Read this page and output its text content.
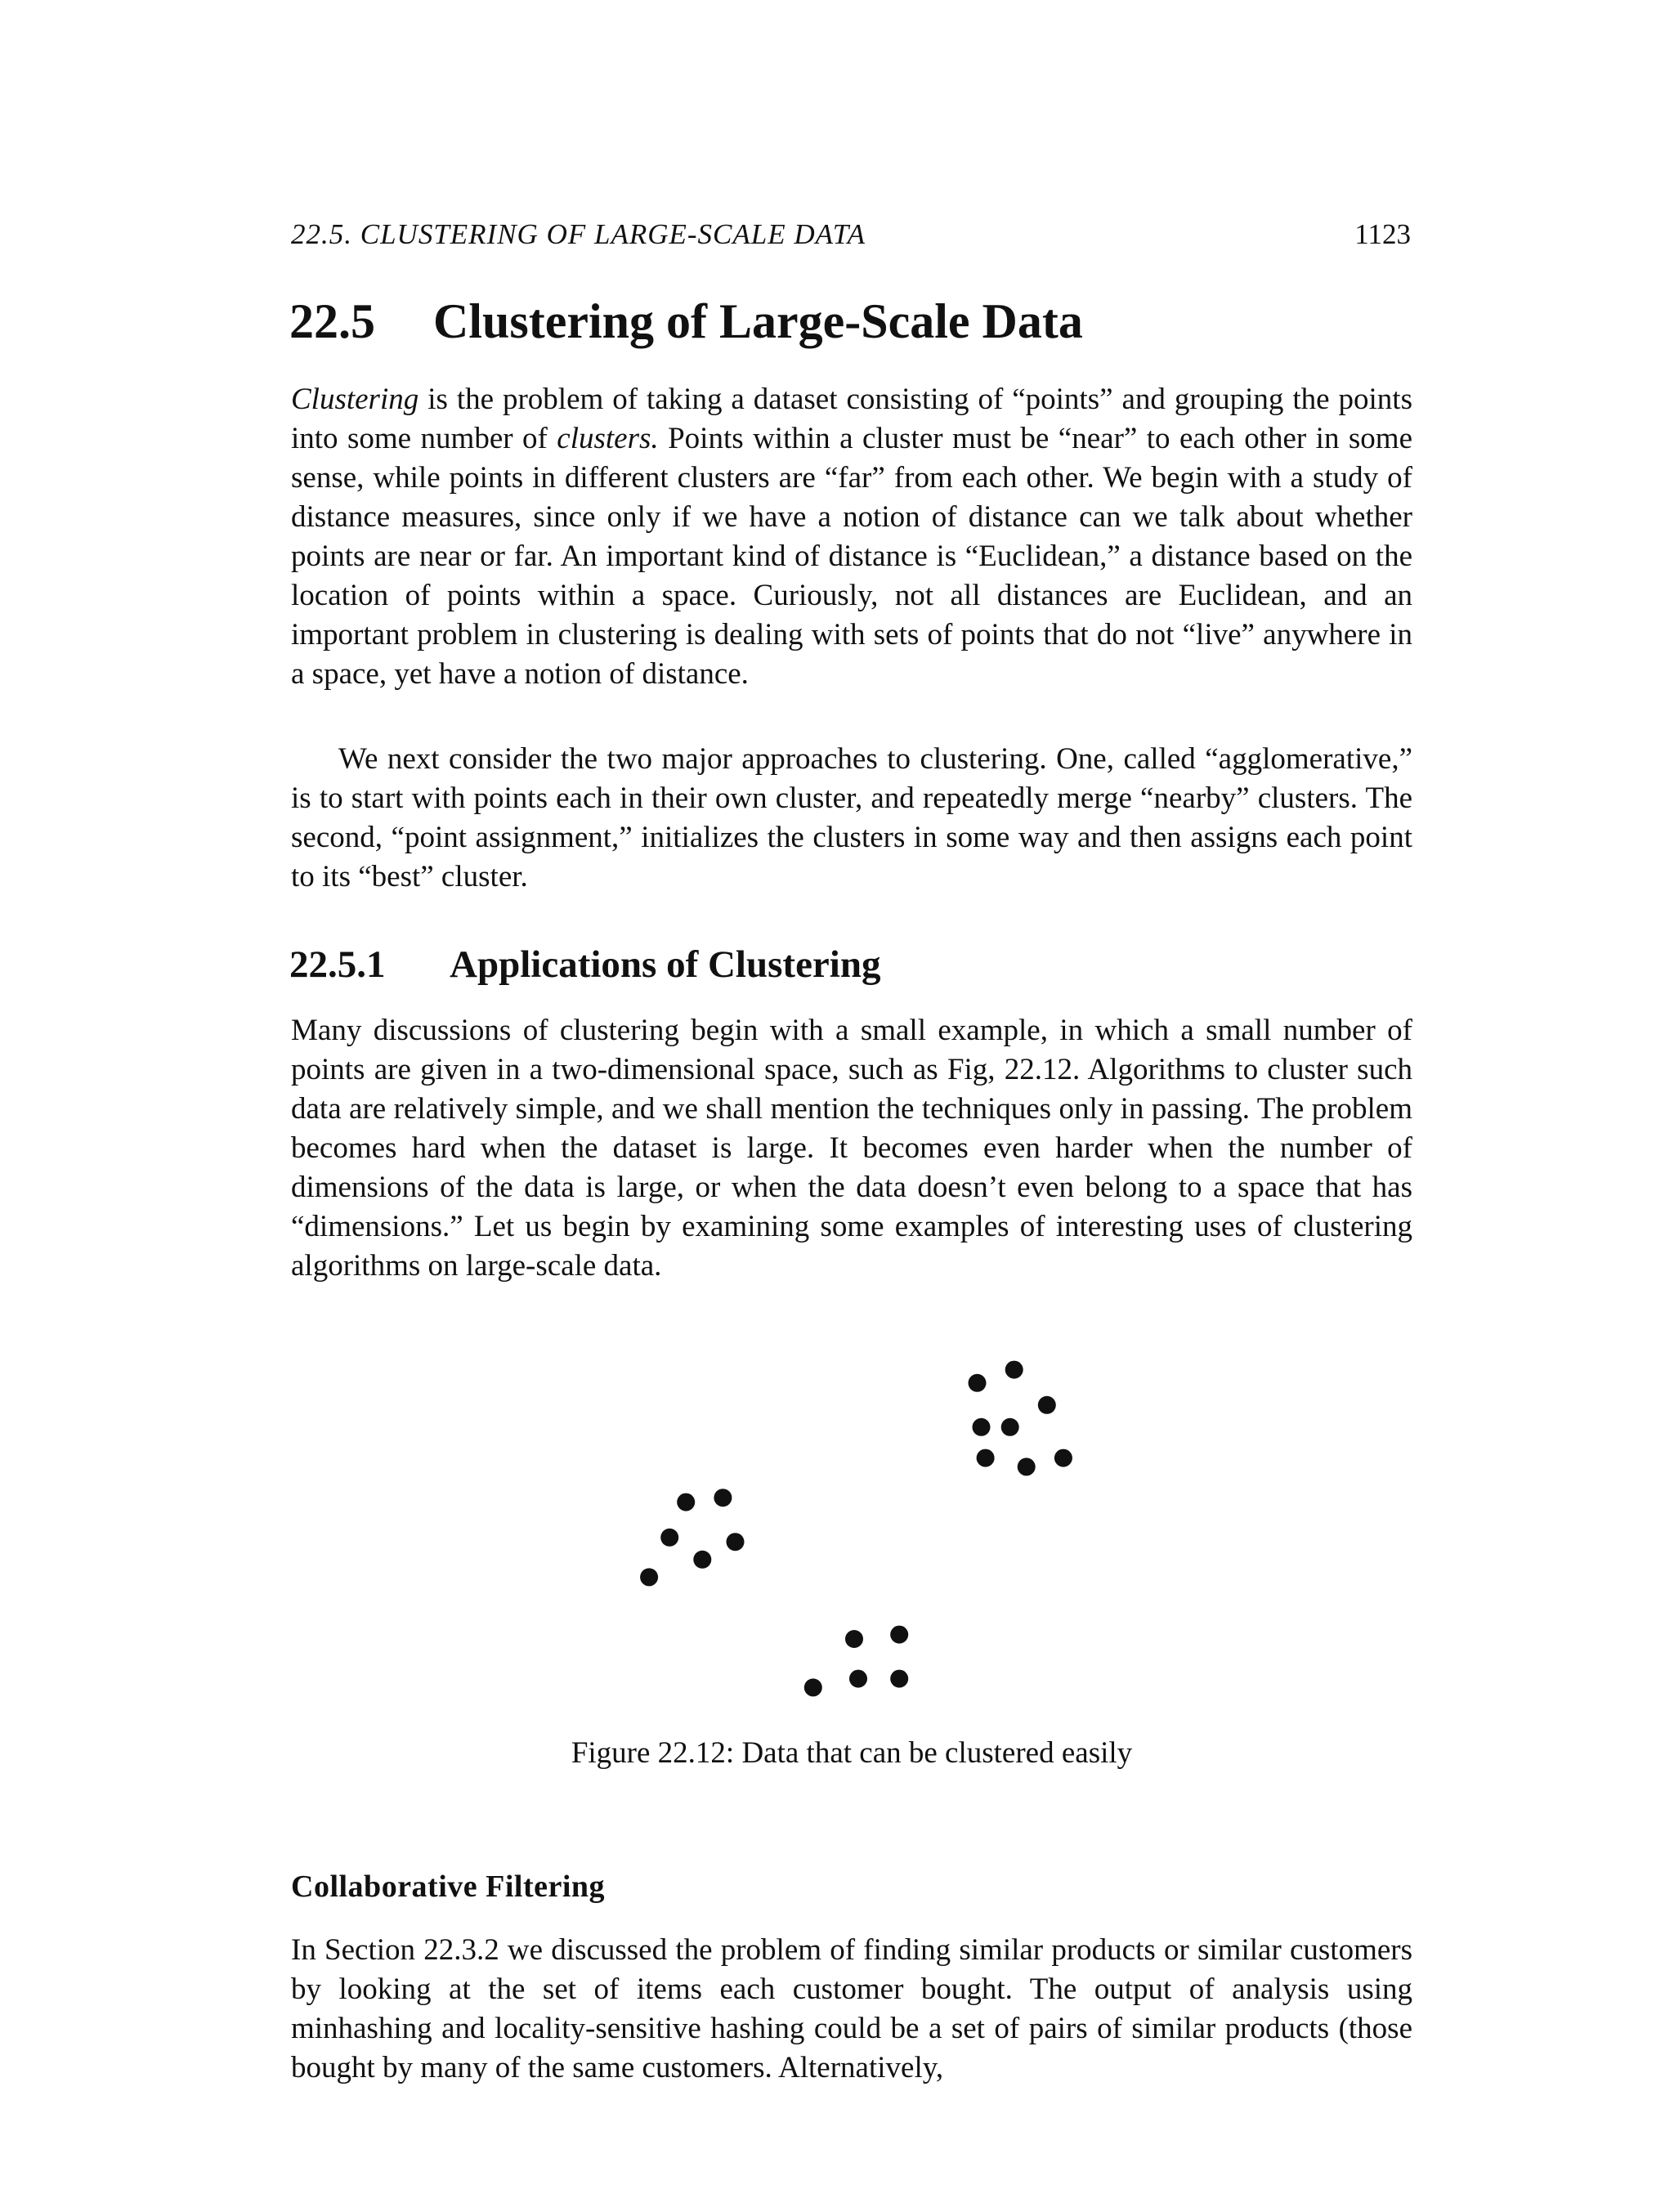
22.5. CLUSTERING OF LARGE-SCALE DATA	1123
22.5 Clustering of Large-Scale Data

Clustering is the problem of taking a dataset consisting of “points” and grouping the points into some number of clusters. Points within a cluster must be “near” to each other in some sense, while points in different clusters are “far” from each other. We begin with a study of distance measures, since only if we have a notion of distance can we talk about whether points are near or far. An important kind of distance is “Euclidean,” a distance based on the location of points within a space. Curiously, not all distances are Euclidean, and an important problem in clustering is dealing with sets of points that do not “live” anywhere in a space, yet have a notion of distance.

We next consider the two major approaches to clustering. One, called “agglomerative,” is to start with points each in their own cluster, and repeatedly merge “nearby” clusters. The second, “point assignment,” initializes the clusters in some way and then assigns each point to its “best” cluster.

22.5.1 Applications of Clustering

Many discussions of clustering begin with a small example, in which a small number of points are given in a two-dimensional space, such as Fig, 22.12. Algorithms to cluster such data are relatively simple, and we shall mention the techniques only in passing. The problem becomes hard when the dataset is large. It becomes even harder when the number of dimensions of the data is large, or when the data doesn’t even belong to a space that has “dimensions.” Let us begin by examining some examples of interesting uses of clustering algorithms on large-scale data.

Figure 22.12: Data that can be clustered easily

Collaborative Filtering

In Section 22.3.2 we discussed the problem of finding similar products or similar customers by looking at the set of items each customer bought. The output of analysis using minhashing and locality-sensitive hashing could be a set of pairs of similar products (those bought by many of the same customers. Alternatively,
